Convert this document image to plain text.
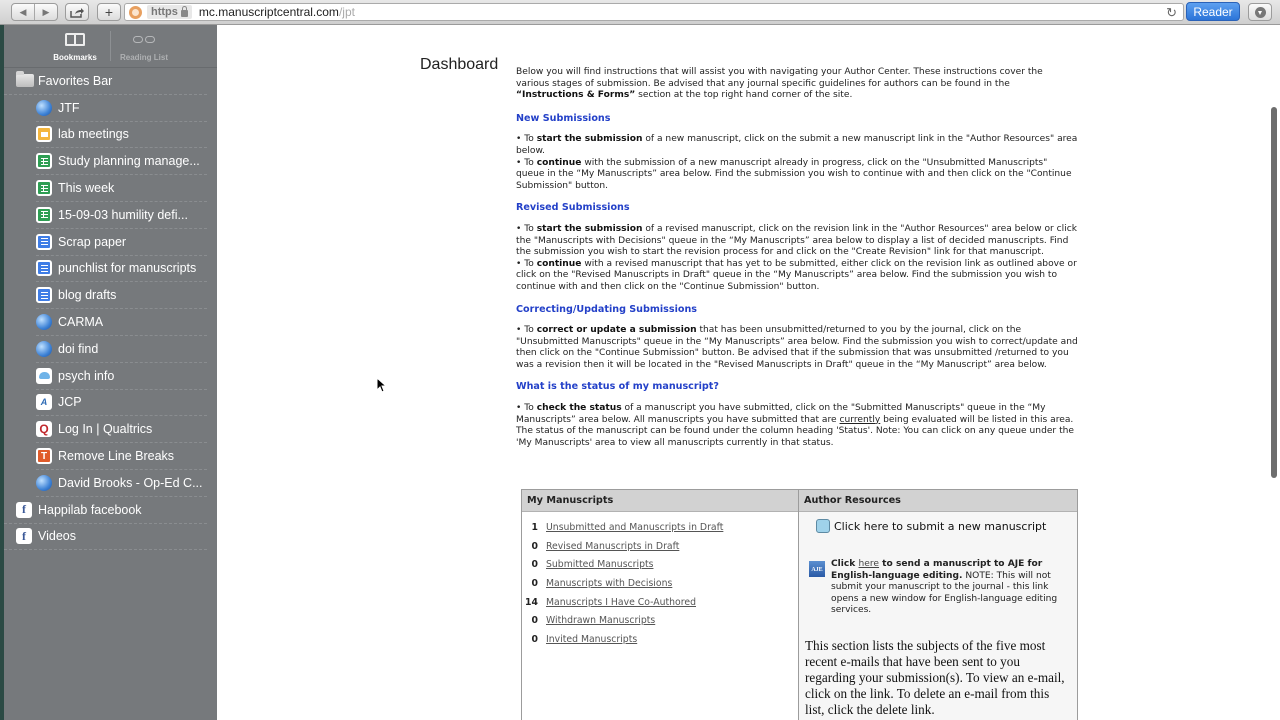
◀	▶	+	https mc.manuscriptcentral.com /jpt	↻	Reader
Bookmarks	Reading List
Favorites Bar
JTF
lab meetings
Study planning manage...
This week
15-09-03 humility defi...
Scrap paper
punchlist for manuscripts
blog drafts
CARMA
doi find
psych info
A JCP
Q Log In | Qualtrics
T Remove Line Breaks
David Brooks - Op-Ed C...
f Happilab facebook
f Videos
Dashboard Below you will find instructions that will assist you with navigating your Author Center. These instructions cover the various stages of submission. Be advised that any journal specific guidelines for authors can be found in the “Instructions & Forms” section at the top right hand corner of the site.

New Submissions
• To start the submission of a new manuscript, click on the submit a new manuscript link in the "Author Resources" area below.
• To continue with the submission of a new manuscript already in progress, click on the "Unsubmitted Manuscripts" queue in the “My Manuscripts” area below. Find the submission you wish to continue with and then click on the "Continue Submission" button.
Revised Submissions
• To start the submission of a revised manuscript, click on the revision link in the "Author Resources" area below or click the "Manuscripts with Decisions" queue in the “My Manuscripts” area below to display a list of decided manuscripts. Find the submission you wish to start the revision process for and click on the "Create Revision" link for that manuscript.
• To continue with a revised manuscript that has yet to be submitted, either click on the revision link as outlined above or click on the "Revised Manuscripts in Draft" queue in the “My Manuscripts” area below. Find the submission you wish to continue with and then click on the "Continue Submission" button.
Correcting/Updating Submissions
• To correct or update a submission that has been unsubmitted/returned to you by the journal, click on the "Unsubmitted Manuscripts" queue in the “My Manuscripts” area below. Find the submission you wish to correct/update and then click on the "Continue Submission" button. Be advised that if the submission that was unsubmitted /returned to you was a revision then it will be located in the "Revised Manuscripts in Draft" queue in the “My Manuscript” area below.
What is the status of my manuscript?
• To check the status of a manuscript you have submitted, click on the "Submitted Manuscripts" queue in the “My Manuscripts” area below. All manuscripts you have submitted that are currently being evaluated will be listed in this area. The status of the manuscript can be found under the column heading 'Status'. Note: You can click on any queue under the 'My Manuscripts' area to view all manuscripts currently in that status.
My Manuscripts
1 Unsubmitted and Manuscripts in Draft
0 Revised Manuscripts in Draft
0 Submitted Manuscripts
0 Manuscripts with Decisions
14 Manuscripts I Have Co-Authored
0 Withdrawn Manuscripts
0 Invited Manuscripts
Author Resources
Click here to submit a new manuscript
AJE
Click here to send a manuscript to AJE for English-language editing. NOTE: This will not submit your manuscript to the journal - this link opens a new window for English-language editing services.
This section lists the subjects of the five most recent e-mails that have been sent to you regarding your submission(s). To view an e-mail, click on the link. To delete an e-mail from this list, click the delete link.
